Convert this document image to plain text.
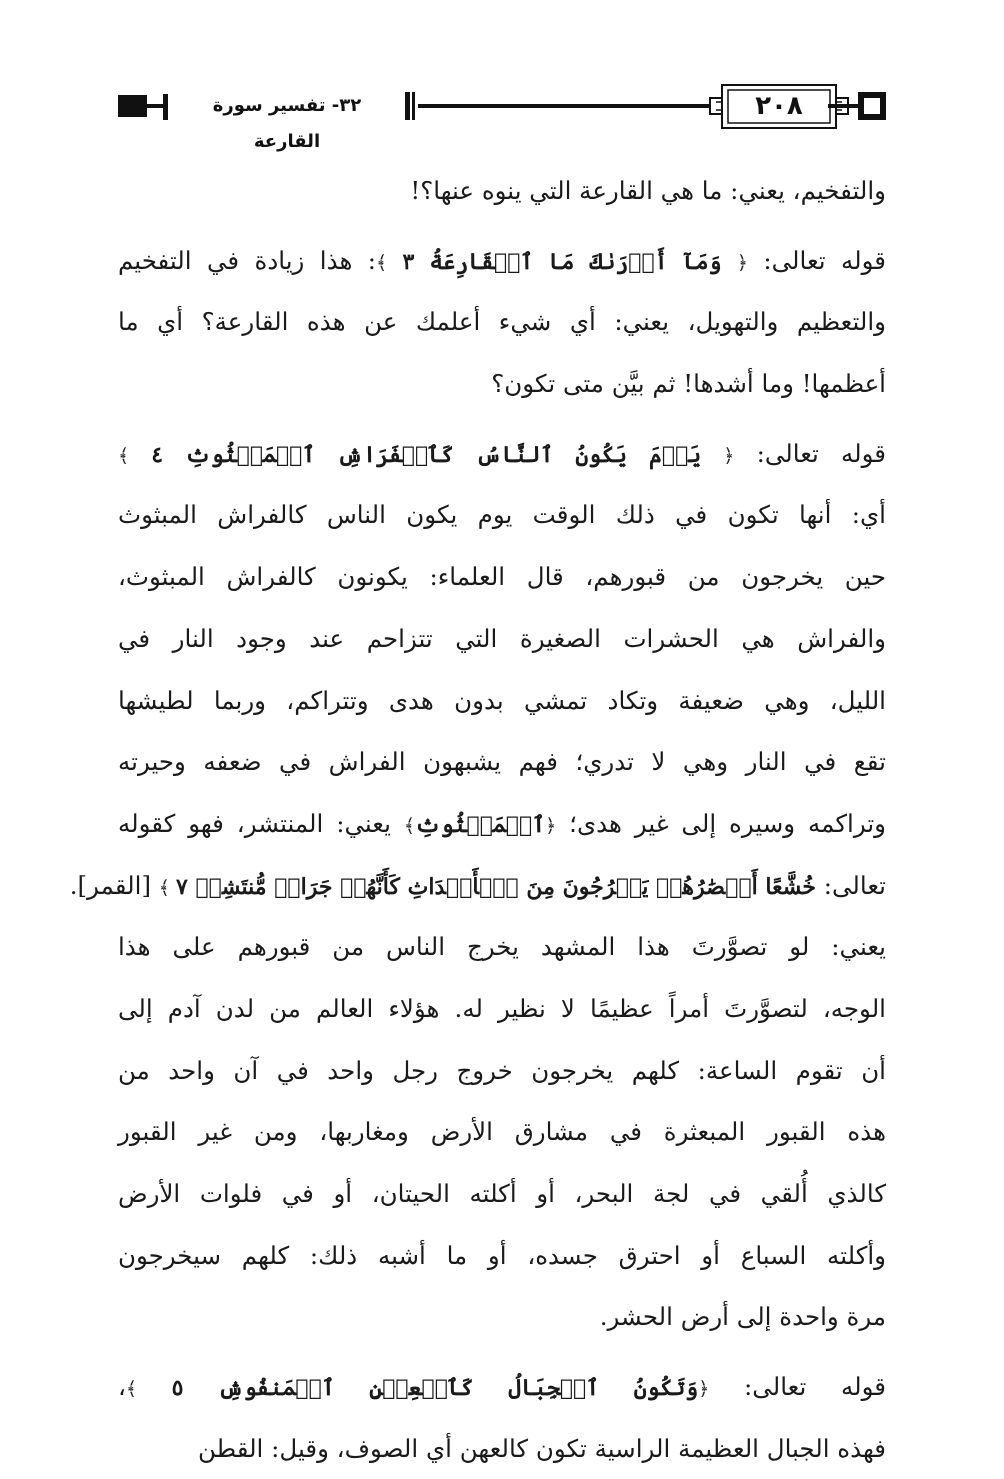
٢٠٨
٣٢- تفسير سورة القارعة

والتفخيم، يعني: ما هي القارعة التي ينوه عنها؟!

قوله تعالى: ﴿ وَمَآ أَدۡرَىٰكَ مَا ٱلۡقَارِعَةُ ٣ ﴾: هذا زيادة في التفخيم

والتعظيم والتهويل، يعني: أي شيء أعلمك عن هذه القارعة؟ أي ما

أعظمها! وما أشدها! ثم بيَّن متى تكون؟

قوله تعالى: ﴿ يَوۡمَ يَكُونُ ٱلنَّاسُ كَٱلۡفَرَاشِ ٱلۡمَبۡثُوثِ ٤ ﴾

أي: أنها تكون في ذلك الوقت يوم يكون الناس كالفراش المبثوث

حين يخرجون من قبورهم، قال العلماء: يكونون كالفراش المبثوث،

والفراش هي الحشرات الصغيرة التي تتزاحم عند وجود النار في

الليل، وهي ضعيفة وتكاد تمشي بدون هدى وتتراكم، وربما لطيشها

تقع في النار وهي لا تدري؛ فهم يشبهون الفراش في ضعفه وحيرته

وتراكمه وسيره إلى غير هدى؛ ﴿ٱلۡمَبۡثُوثِ﴾ يعني: المنتشر، فهو كقوله

تعالى: خُشَّعًا أَبۡصَٰرُهُمۡ يَخۡرُجُونَ مِنَ ٱلۡأَجۡدَاثِ كَأَنَّهُمۡ جَرَادٞ مُّنتَشِرٞ ٧ ﴾ [القمر].

يعني: لو تصوَّرتَ هذا المشهد يخرج الناس من قبورهم على هذا

الوجه، لتصوَّرتَ أمراً عظيمًا لا نظير له. هؤلاء العالم من لدن آدم إلى

أن تقوم الساعة: كلهم يخرجون خروج رجل واحد في آن واحد من

هذه القبور المبعثرة في مشارق الأرض ومغاربها، ومن غير القبور

كالذي أُلقي في لجة البحر، أو أكلته الحيتان، أو في فلوات الأرض

وأكلته السباع أو احترق جسده، أو ما أشبه ذلك: كلهم سيخرجون

مرة واحدة إلى أرض الحشر.

قوله تعالى: ﴿وَتَكُونُ ٱلۡجِبَالُ كَٱلۡعِهۡنِ ٱلۡمَنفُوشِ ٥ ﴾،

فهذه الجبال العظيمة الراسية تكون كالعهن أي الصوف، وقيل: القطن
